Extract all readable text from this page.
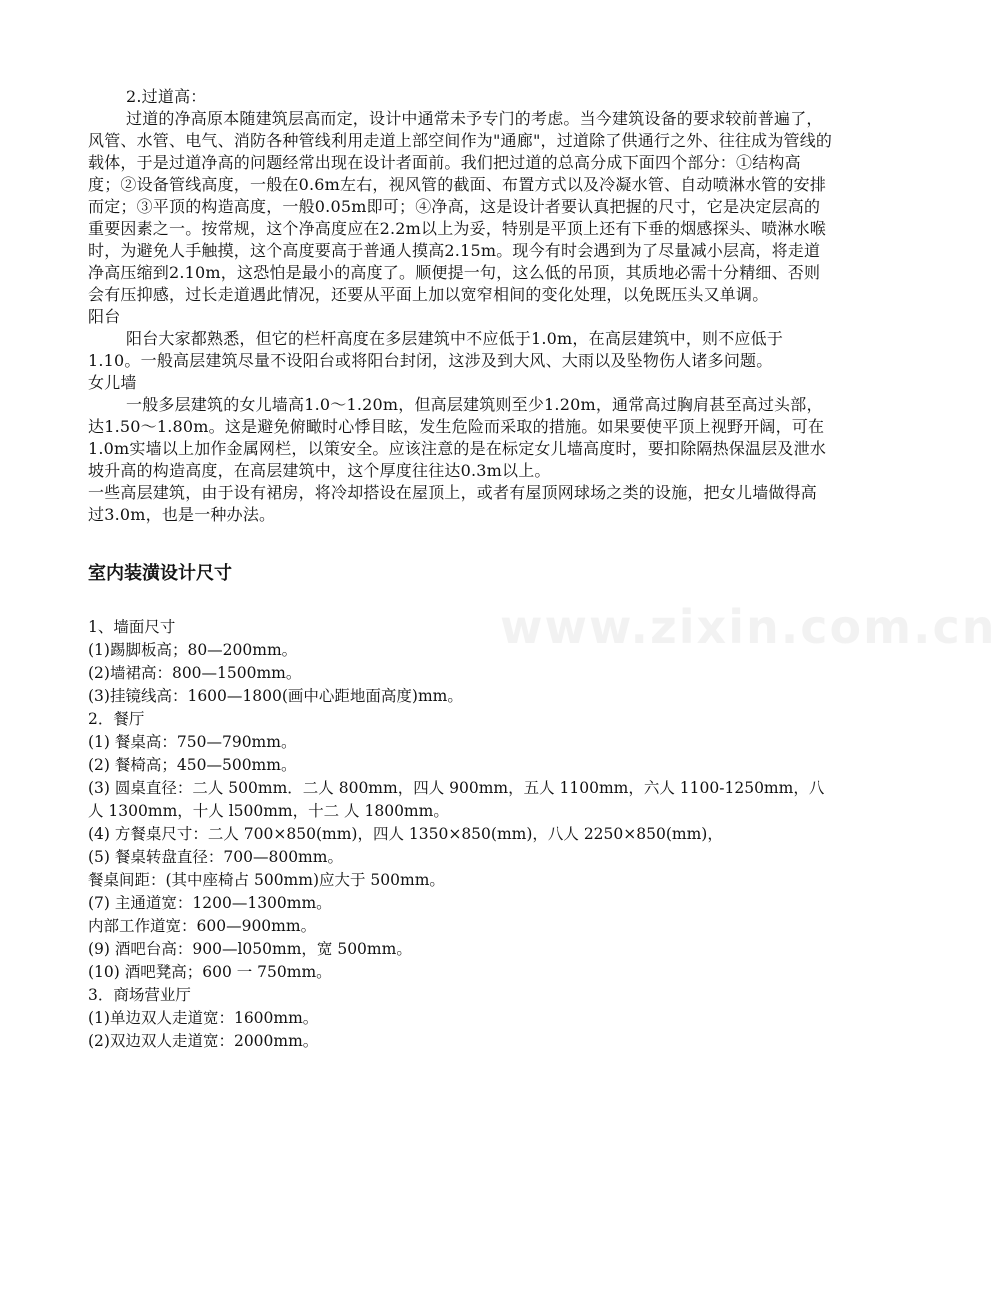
www.zixin.com.cn

2.过道高：

过道的净高原本随建筑层高而定，设计中通常未予专门的考虑。当今建筑设备的要求较前普遍了，风管、水管、电气、消防各种管线利用走道上部空间作为"通廊"，过道除了供通行之外、往往成为管线的载体，于是过道净高的问题经常出现在设计者面前。我们把过道的总高分成下面四个部分：①结构高度；②设备管线高度，一般在0.6m左右，视风管的截面、布置方式以及冷凝水管、自动喷淋水管的安排而定；③平顶的构造高度，一般0.05m即可；④净高，这是设计者要认真把握的尺寸，它是决定层高的重要因素之一。按常规，这个净高度应在2.2m以上为妥，特别是平顶上还有下垂的烟感探头、喷淋水喉时，为避免人手触摸，这个高度要高于普通人摸高2.15m。现今有时会遇到为了尽量减小层高，将走道净高压缩到2.10m，这恐怕是最小的高度了。顺便提一句，这么低的吊顶，其质地必需十分精细、否则会有压抑感，过长走道遇此情况，还要从平面上加以宽窄相间的变化处理，以免既压头又单调。

阳台

阳台大家都熟悉，但它的栏杆高度在多层建筑中不应低于1.0m，在高层建筑中，则不应低于1.10。一般高层建筑尽量不设阳台或将阳台封闭，这涉及到大风、大雨以及坠物伤人诸多问题。

女儿墙

一般多层建筑的女儿墙高1.0～1.20m，但高层建筑则至少1.20m，通常高过胸肩甚至高过头部，达1.50～1.80m。这是避免俯瞰时心悸目眩，发生危险而采取的措施。如果要使平顶上视野开阔，可在1.0m实墙以上加作金属网栏，以策安全。应该注意的是在标定女儿墙高度时，要扣除隔热保温层及泄水坡升高的构造高度，在高层建筑中，这个厚度往往达0.3m以上。

一些高层建筑，由于设有裙房，将冷却搭设在屋顶上，或者有屋顶网球场之类的设施，把女儿墙做得高过3.0m，也是一种办法。

室内装潢设计尺寸

1、墙面尺寸

(1)踢脚板高；80—200mm。

(2)墙裙高：800—1500mm。

(3)挂镜线高：1600—1800(画中心距地面高度)mm。

2．餐厅

(1) 餐桌高：750—790mm。

(2) 餐椅高；450—500mm。

(3) 圆桌直径：二人 500mm．二人 800mm，四人 900mm，五人 1100mm，六人 1100-1250mm，八人 1300mm，十人 l500mm，十二 人 1800mm。

(4) 方餐桌尺寸：二人 700×850(mm)，四人 1350×850(mm)，八人 2250×850(mm)，

(5) 餐桌转盘直径：700—800mm。

餐桌间距：(其中座椅占 500mm)应大于 500mm。

(7) 主通道宽：1200—1300mm。

内部工作道宽：600—900mm。

(9) 酒吧台高：900—l050mm，宽 500mm。

(10) 酒吧凳高；600 一 750mm。

3．商场营业厅

(1)单边双人走道宽：1600mm。

(2)双边双人走道宽：2000mm。
